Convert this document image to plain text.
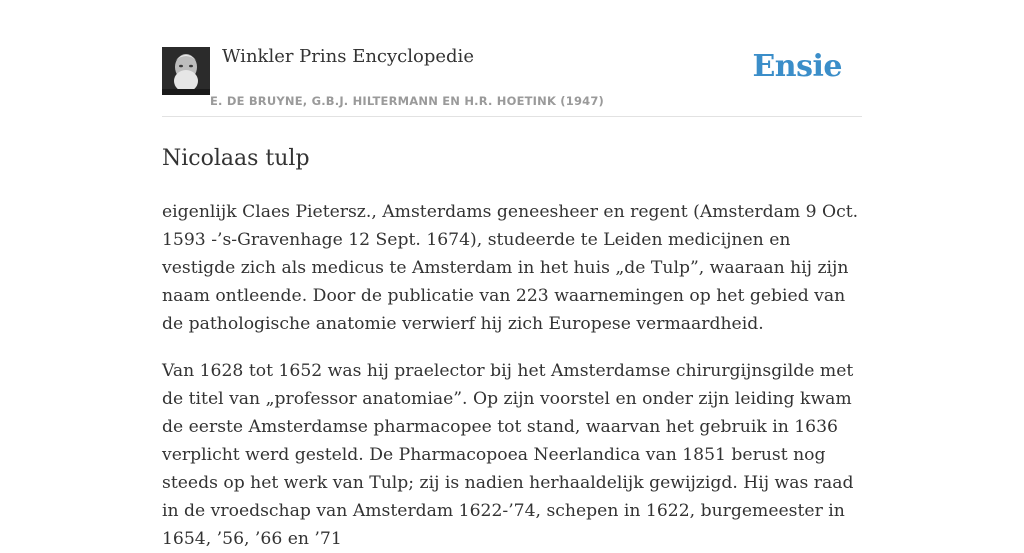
Winkler Prins Encyclopedie
E. DE BRUYNE, G.B.J. HILTERMANN EN H.R. HOETINK (1947)
Ensie
Nicolaas tulp

eigenlijk Claes Pietersz., Amsterdams geneesheer en regent (Amsterdam 9 Oct. 1593 -’s-Gravenhage 12 Sept. 1674), studeerde te Leiden medicijnen en vestigde zich als medicus te Amsterdam in het huis „de Tulp”, waaraan hij zijn naam ontleende. Door de publicatie van 223 waarnemingen op het gebied van de pathologische anatomie verwierf hij zich Europese vermaardheid.

Van 1628 tot 1652 was hij praelector bij het Amsterdamse chirurgijnsgilde met de titel van „professor anatomiae”. Op zijn voorstel en onder zijn leiding kwam de eerste Amsterdamse pharmacopee tot stand, waarvan het gebruik in 1636 verplicht werd gesteld. De Pharmacopoea Neerlandica van 1851 berust nog steeds op het werk van Tulp; zij is nadien herhaaldelijk gewijzigd. Hij was raad in de vroedschap van Amsterdam 1622-’74, schepen in 1622, burgemeester in 1654, ’56, ’66 en ’71
